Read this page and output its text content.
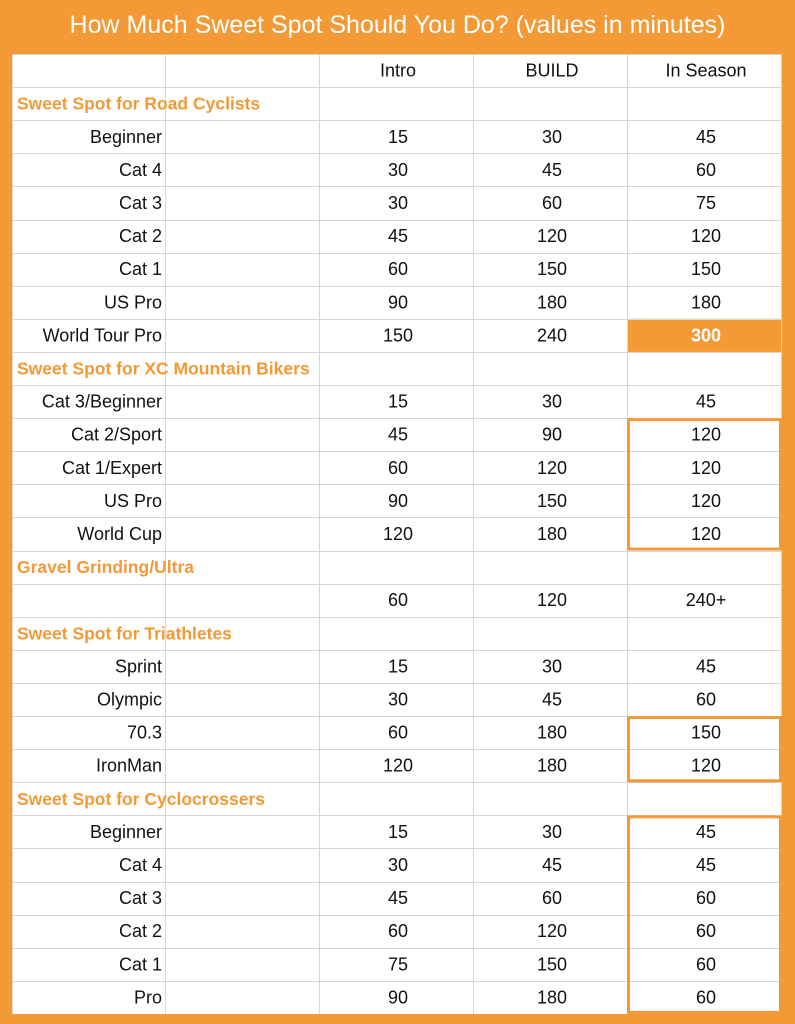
How Much Sweet Spot Should You Do? (values in minutes)
Intro	BUILD	In Season
Sweet Spot for Road Cyclists
Beginner	15	30	45
Cat 4	30	45	60
Cat 3	30	60	75
Cat 2	45	120	120
Cat 1	60	150	150
US Pro	90	180	180
World Tour Pro	150	240	300
Sweet Spot for XC Mountain Bikers
Cat 3/Beginner	15	30	45
Cat 2/Sport	45	90	120
Cat 1/Expert	60	120	120
US Pro	90	150	120
World Cup	120	180	120
Gravel Grinding/Ultra
60	120	240+
Sweet Spot for Triathletes
Sprint	15	30	45
Olympic	30	45	60
70.3	60	180	150
IronMan	120	180	120
Sweet Spot for Cyclocrossers
Beginner	15	30	45
Cat 4	30	45	45
Cat 3	45	60	60
Cat 2	60	120	60
Cat 1	75	150	60
Pro	90	180	60
